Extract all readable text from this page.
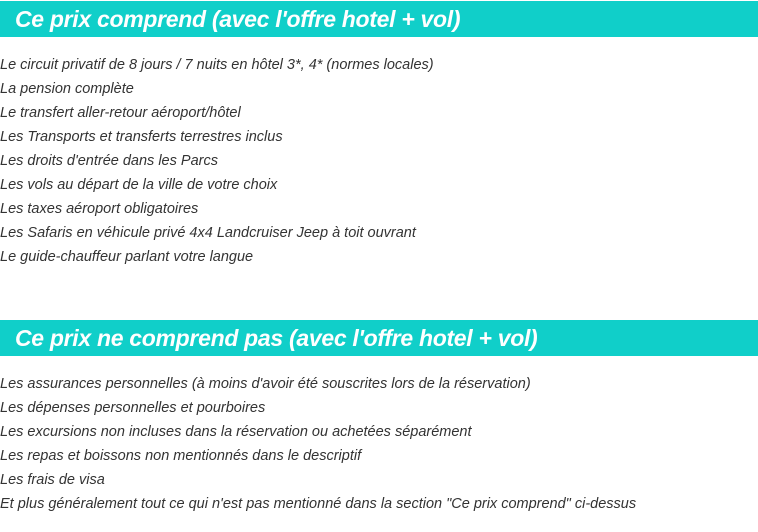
Ce prix comprend (avec l'offre hotel + vol)
Le circuit privatif de 8 jours / 7 nuits en hôtel 3*, 4* (normes locales)
La pension complète
Le transfert aller-retour aéroport/hôtel
Les Transports et transferts terrestres inclus
Les droits d'entrée dans les Parcs
Les vols au départ de la ville de votre choix
Les taxes aéroport obligatoires
Les Safaris en véhicule privé 4x4 Landcruiser Jeep à toit ouvrant
Le guide-chauffeur parlant votre langue
Ce prix ne comprend pas (avec l'offre hotel + vol)
Les assurances personnelles (à moins d'avoir été souscrites lors de la réservation)
Les dépenses personnelles et pourboires
Les excursions non incluses dans la réservation ou achetées séparément
Les repas et boissons non mentionnés dans le descriptif
Les frais de visa
Et plus généralement tout ce qui n'est pas mentionné dans la section "Ce prix comprend" ci-dessus
